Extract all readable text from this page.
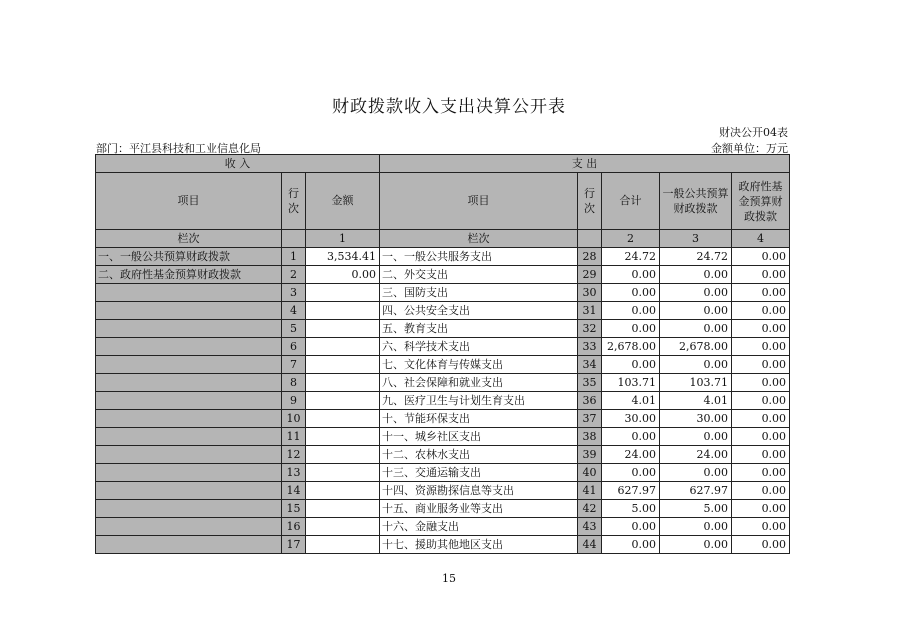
财政拨款收入支出决算公开表
财决公开04表
部门：平江县科技和工业信息化局	金额单位：万元
收 入			支 出				
项目	行次	金额	项目	行次	合计	一般公共预算财政拨款	政府性基金预算财政拨款
栏次		1	栏次		2	3	4
一、一般公共预算财政拨款	1	3,534.41	一、一般公共服务支出	28	24.72	24.72	0.00
二、政府性基金预算财政拨款	2	0.00	二、外交支出	29	0.00	0.00	0.00
	3		三、国防支出	30	0.00	0.00	0.00
	4		四、公共安全支出	31	0.00	0.00	0.00
	5		五、教育支出	32	0.00	0.00	0.00
	6		六、科学技术支出	33	2,678.00	2,678.00	0.00
	7		七、文化体育与传媒支出	34	0.00	0.00	0.00
	8		八、社会保障和就业支出	35	103.71	103.71	0.00
	9		九、医疗卫生与计划生育支出	36	4.01	4.01	0.00
	10		十、节能环保支出	37	30.00	30.00	0.00
	11		十一、城乡社区支出	38	0.00	0.00	0.00
	12		十二、农林水支出	39	24.00	24.00	0.00
	13		十三、交通运输支出	40	0.00	0.00	0.00
	14		十四、资源勘探信息等支出	41	627.97	627.97	0.00
	15		十五、商业服务业等支出	42	5.00	5.00	0.00
	16		十六、金融支出	43	0.00	0.00	0.00
	17		十七、援助其他地区支出	44	0.00	0.00	0.00
15
